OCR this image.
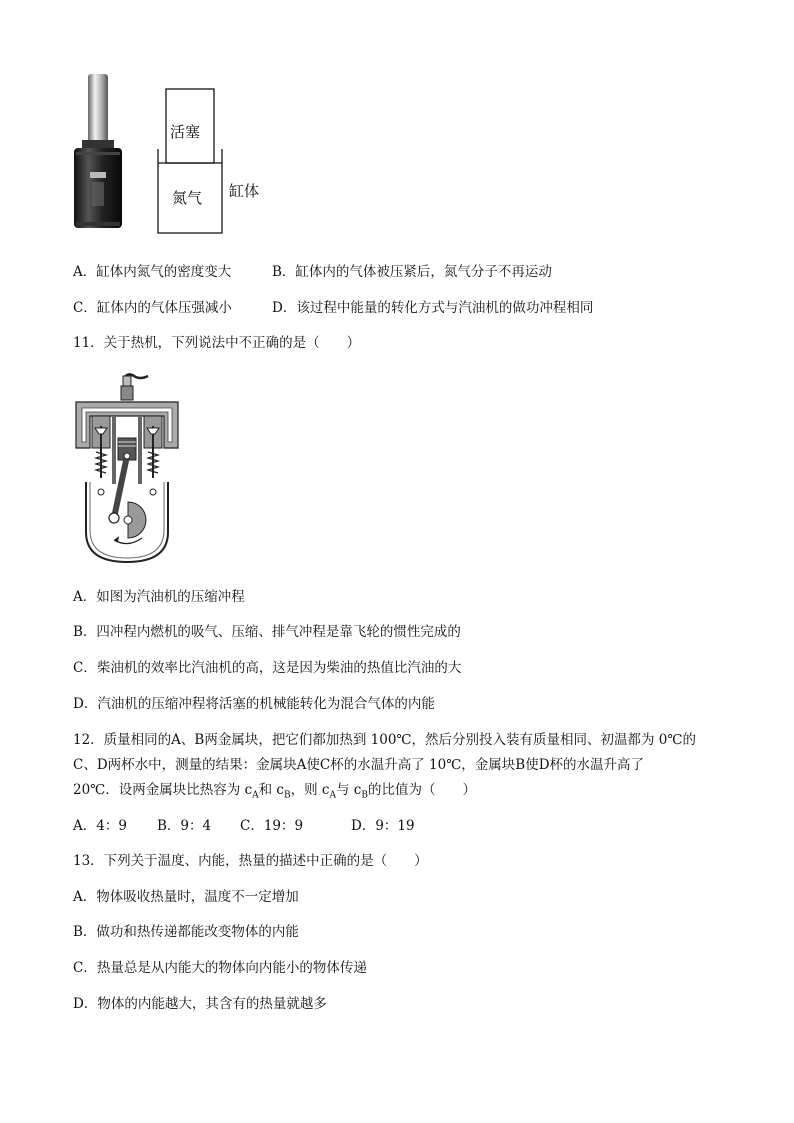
活塞
氮气 缸体
A．缸体内氮气的密度变大	B．缸体内的气体被压紧后，氮气分子不再运动
C．缸体内的气体压强减小	D．该过程中能量的转化方式与汽油机的做功冲程相同
11．关于热机，下列说法中不正确的是（　　）
A．如图为汽油机的压缩冲程
B．四冲程内燃机的吸气、压缩、排气冲程是靠飞轮的惯性完成的
C．柴油机的效率比汽油机的高，这是因为柴油的热值比汽油的大
D．汽油机的压缩冲程将活塞的机械能转化为混合气体的内能
12．质量相同的A、B两金属块，把它们都加热到 100℃，然后分别投入装有质量相同、初温都为 0℃的
C、D两杯水中，测量的结果：金属块A使C杯的水温升高了 10℃，金属块B使D杯的水温升高了
20℃．设两金属块比热容为 $c_A$和 $c_B$，则 $c_A$与 $c_B$的比值为（　　）
A．4：9 B．9：4 C．19：9	D．9：19
13．下列关于温度、内能，热量的描述中正确的是（　　）
A．物体吸收热量时，温度不一定增加
B．做功和热传递都能改变物体的内能
C．热量总是从内能大的物体向内能小的物体传递
D．物体的内能越大，其含有的热量就越多
